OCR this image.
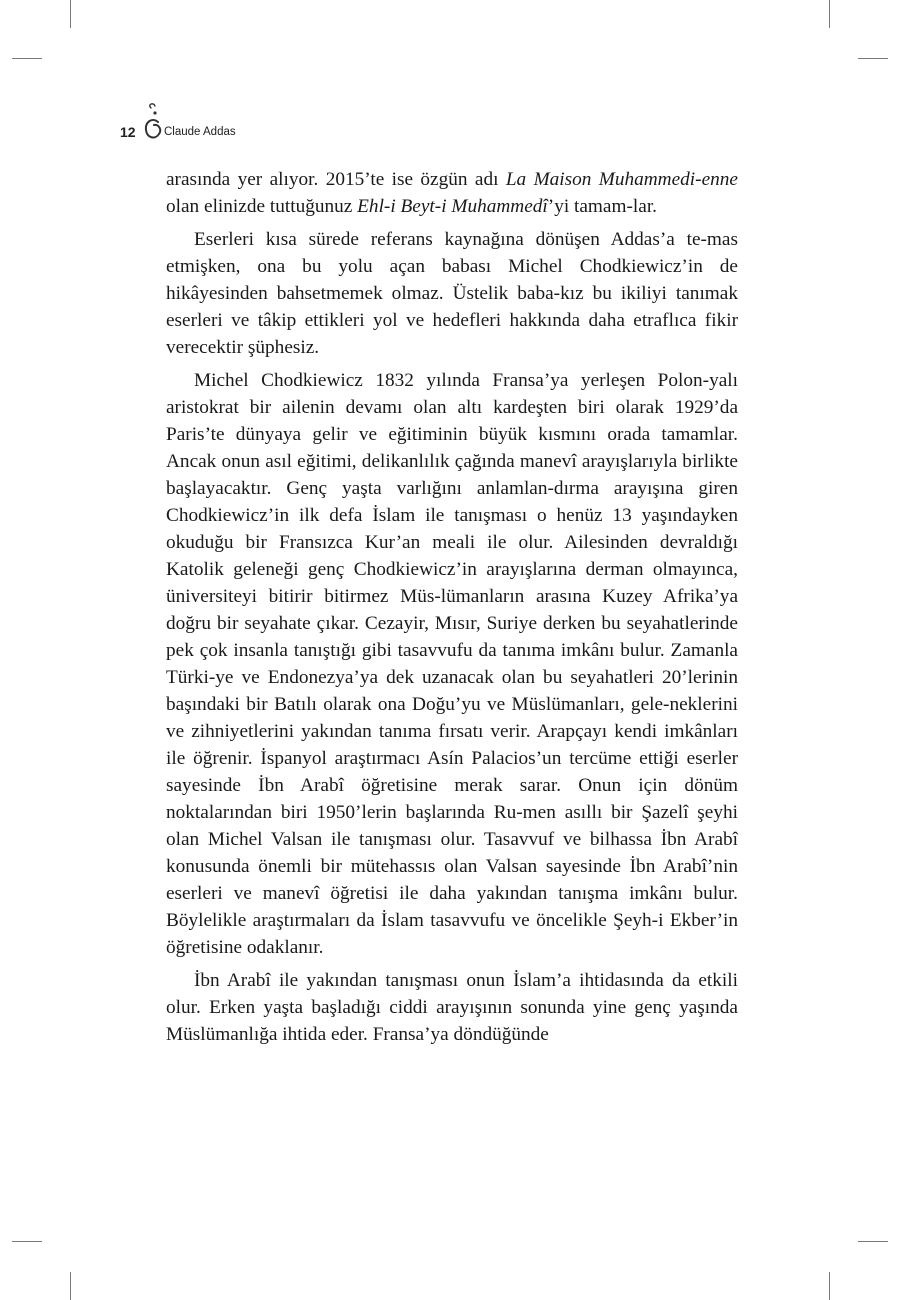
12 Claude Addas

arasında yer alıyor. 2015’te ise özgün adı La Maison Muhammedi-enne olan elinizde tuttuğunuz Ehl-i Beyt-i Muhammedî’yi tamam-lar.

Eserleri kısa sürede referans kaynağına dönüşen Addas’a te-mas etmişken, ona bu yolu açan babası Michel Chodkiewicz’in de hikâyesinden bahsetmemek olmaz. Üstelik baba-kız bu ikiliyi tanımak eserleri ve tâkip ettikleri yol ve hedefleri hakkında daha etraflıca fikir verecektir şüphesiz.

Michel Chodkiewicz 1832 yılında Fransa’ya yerleşen Polon-yalı aristokrat bir ailenin devamı olan altı kardeşten biri olarak 1929’da Paris’te dünyaya gelir ve eğitiminin büyük kısmını orada tamamlar. Ancak onun asıl eğitimi, delikanlılık çağında manevî arayışlarıyla birlikte başlayacaktır. Genç yaşta varlığını anlamlan-dırma arayışına giren Chodkiewicz’in ilk defa İslam ile tanışması o henüz 13 yaşındayken okuduğu bir Fransızca Kur’an meali ile olur. Ailesinden devraldığı Katolik geleneği genç Chodkiewicz’in arayışlarına derman olmayınca, üniversiteyi bitirir bitirmez Müs-lümanların arasına Kuzey Afrika’ya doğru bir seyahate çıkar. Cezayir, Mısır, Suriye derken bu seyahatlerinde pek çok insanla tanıştığı gibi tasavvufu da tanıma imkânı bulur. Zamanla Türki-ye ve Endonezya’ya dek uzanacak olan bu seyahatleri 20’lerinin başındaki bir Batılı olarak ona Doğu’yu ve Müslümanları, gele-neklerini ve zihniyetlerini yakından tanıma fırsatı verir. Arapçayı kendi imkânları ile öğrenir. İspanyol araştırmacı Asín Palacios’un tercüme ettiği eserler sayesinde İbn Arabî öğretisine merak sarar. Onun için dönüm noktalarından biri 1950’lerin başlarında Ru-men asıllı bir Şazelî şeyhi olan Michel Valsan ile tanışması olur. Tasavvuf ve bilhassa İbn Arabî konusunda önemli bir mütehassıs olan Valsan sayesinde İbn Arabî’nin eserleri ve manevî öğretisi ile daha yakından tanışma imkânı bulur. Böylelikle araştırmaları da İslam tasavvufu ve öncelikle Şeyh-i Ekber’in öğretisine odaklanır.

İbn Arabî ile yakından tanışması onun İslam’a ihtidasında da etkili olur. Erken yaşta başladığı ciddi arayışının sonunda yine genç yaşında Müslümanlığa ihtida eder. Fransa’ya döndüğünde
